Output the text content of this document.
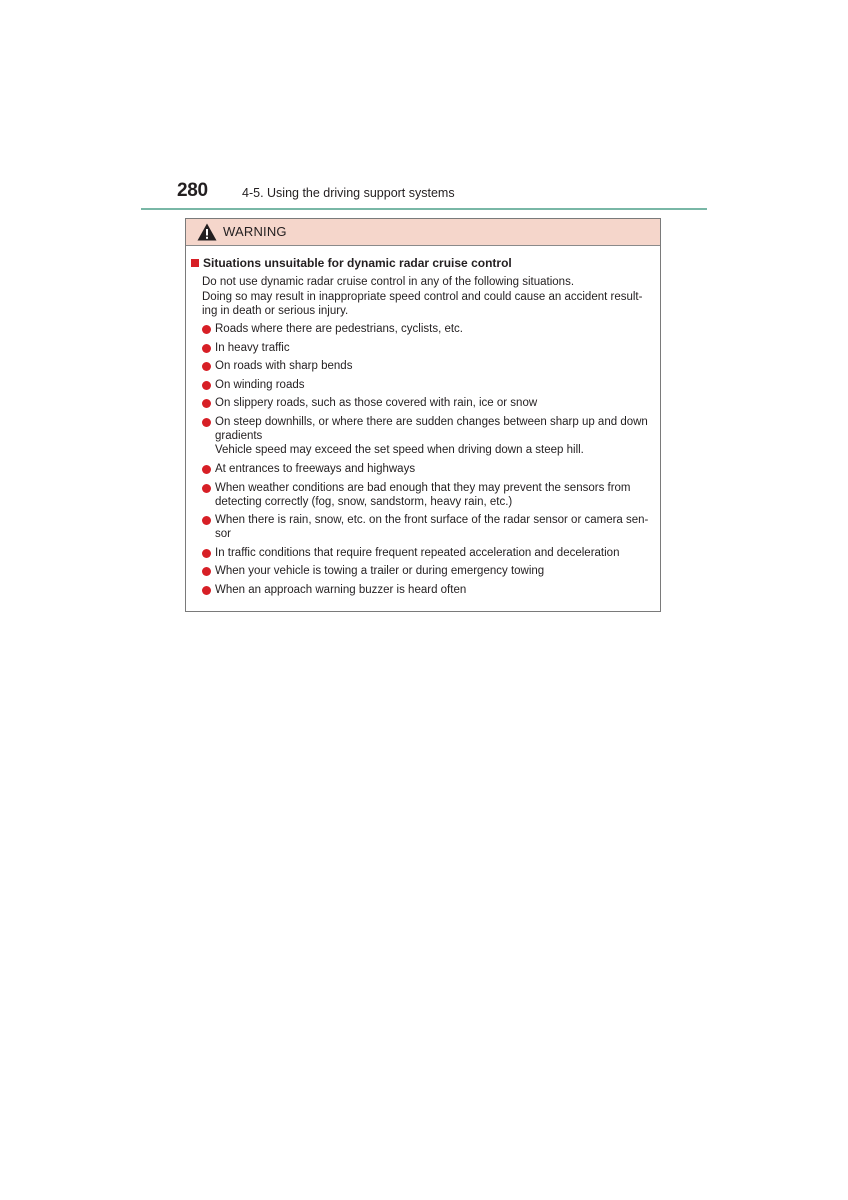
280	4-5. Using the driving support systems
WARNING
Situations unsuitable for dynamic radar cruise control
Do not use dynamic radar cruise control in any of the following situations.
Doing so may result in inappropriate speed control and could cause an accident result- ing in death or serious injury.
Roads where there are pedestrians, cyclists, etc.
In heavy traffic
On roads with sharp bends
On winding roads
On slippery roads, such as those covered with rain, ice or snow
On steep downhills, or where there are sudden changes between sharp up and down gradients
Vehicle speed may exceed the set speed when driving down a steep hill.
At entrances to freeways and highways
When weather conditions are bad enough that they may prevent the sensors from detecting correctly (fog, snow, sandstorm, heavy rain, etc.)
When there is rain, snow, etc. on the front surface of the radar sensor or camera sen- sor
In traffic conditions that require frequent repeated acceleration and deceleration
When your vehicle is towing a trailer or during emergency towing
When an approach warning buzzer is heard often
